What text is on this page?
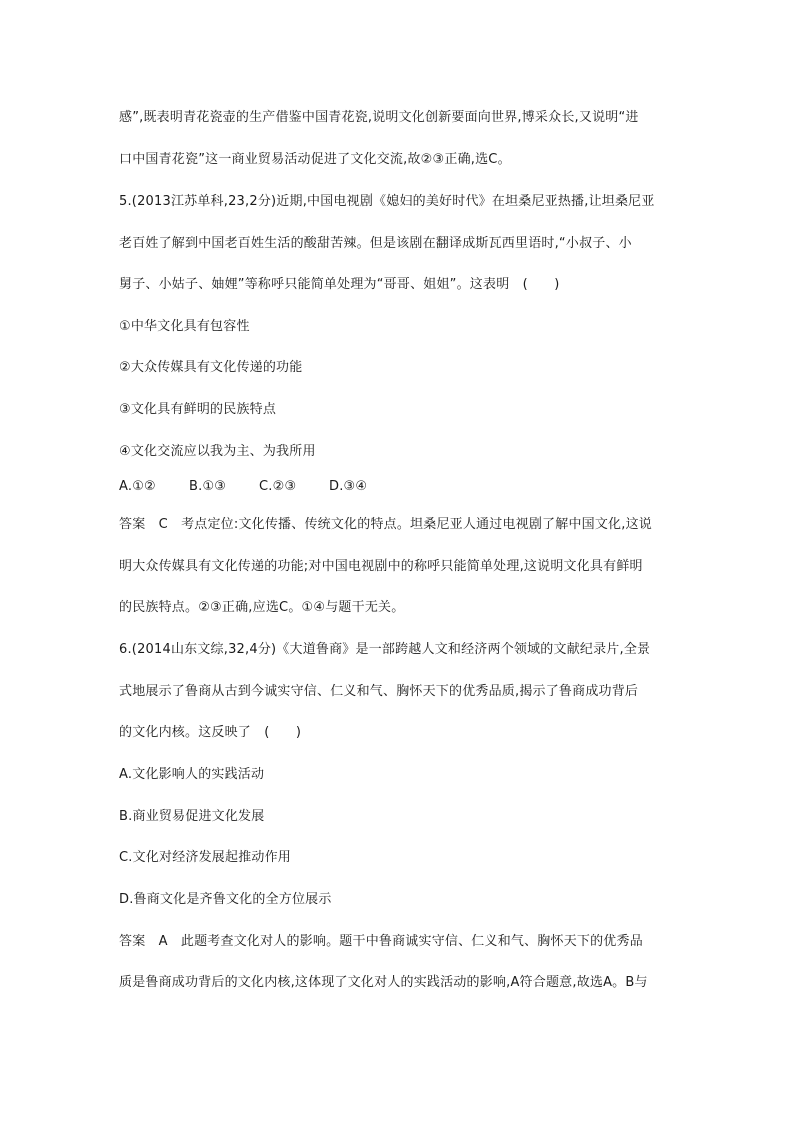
感”,既表明青花瓷壶的生产借鉴中国青花瓷,说明文化创新要面向世界,博采众长,又说明“进
口中国青花瓷”这一商业贸易活动促进了文化交流,故②③正确,选C。
5.(2013江苏单科,23,2分)近期,中国电视剧《媳妇的美好时代》在坦桑尼亚热播,让坦桑尼亚
老百姓了解到中国老百姓生活的酸甜苦辣。但是该剧在翻译成斯瓦西里语时,“小叔子、小
舅子、小姑子、妯娌”等称呼只能简单处理为“哥哥、姐姐”。这表明　(　　)
①中华文化具有包容性
②大众传媒具有文化传递的功能
③文化具有鲜明的民族特点
④文化交流应以我为主、为我所用
A.①②	B.①③	C.②③	D.③④
答案　C　考点定位:文化传播、传统文化的特点。坦桑尼亚人通过电视剧了解中国文化,这说
明大众传媒具有文化传递的功能;对中国电视剧中的称呼只能简单处理,这说明文化具有鲜明
的民族特点。②③正确,应选C。①④与题干无关。
6.(2014山东文综,32,4分)《大道鲁商》是一部跨越人文和经济两个领域的文献纪录片,全景
式地展示了鲁商从古到今诚实守信、仁义和气、胸怀天下的优秀品质,揭示了鲁商成功背后
的文化内核。这反映了　(　　)
A.文化影响人的实践活动
B.商业贸易促进文化发展
C.文化对经济发展起推动作用
D.鲁商文化是齐鲁文化的全方位展示
答案　A　此题考查文化对人的影响。题干中鲁商诚实守信、仁义和气、胸怀天下的优秀品
质是鲁商成功背后的文化内核,这体现了文化对人的实践活动的影响,A符合题意,故选A。B与
